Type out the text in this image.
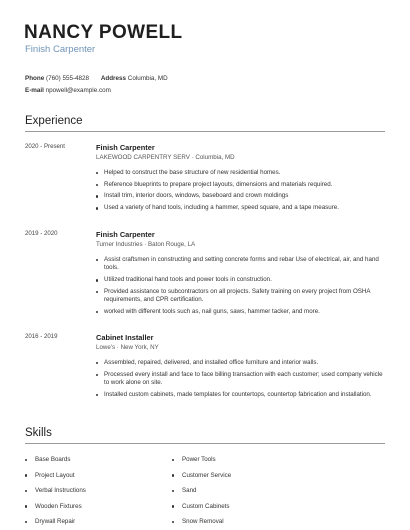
NANCY POWELL
Finish Carpenter
Phone (760) 555-4828 Address Columbia, MD
E-mail npowell@example.com
Experience
2020 - Present	Finish Carpenter
LAKEWOOD CARPENTRY SERV · Columbia, MD
Helped to construct the base structure of new residential homes.
Reference blueprints to prepare project layouts, dimensions and materials required.
Install trim, interior doors, windows, baseboard and crown moldings
Used a variety of hand tools, including a hammer, speed square, and a tape measure.
2019 - 2020	Finish Carpenter
Turner Industries · Baton Rouge, LA
Assist craftsmen in constructing and setting concrete forms and rebar Use of electrical, air, and hand tools.
Utilized traditional hand tools and power tools in construction.
Provided assistance to subcontractors on all projects. Safety training on every project from OSHA requirements, and CPR certification.
worked with different tools such as, nail guns, saws, hammer tacker, and more.
2016 - 2019	Cabinet Installer
Lowe's · New York, NY
Assembled, repaired, delivered, and installed office furniture and interior walls.
Processed every install and face to face billing transaction with each customer; used company vehicle to work alone on site.
Installed custom cabinets, made templates for countertops, countertop fabrication and installation.
Skills
Base Boards	Power Tools
Project Layout	Customer Service
Verbal Instructions	Sand
Wooden Fixtures	Custom Cabinets
Drywall Repair	Snow Removal
